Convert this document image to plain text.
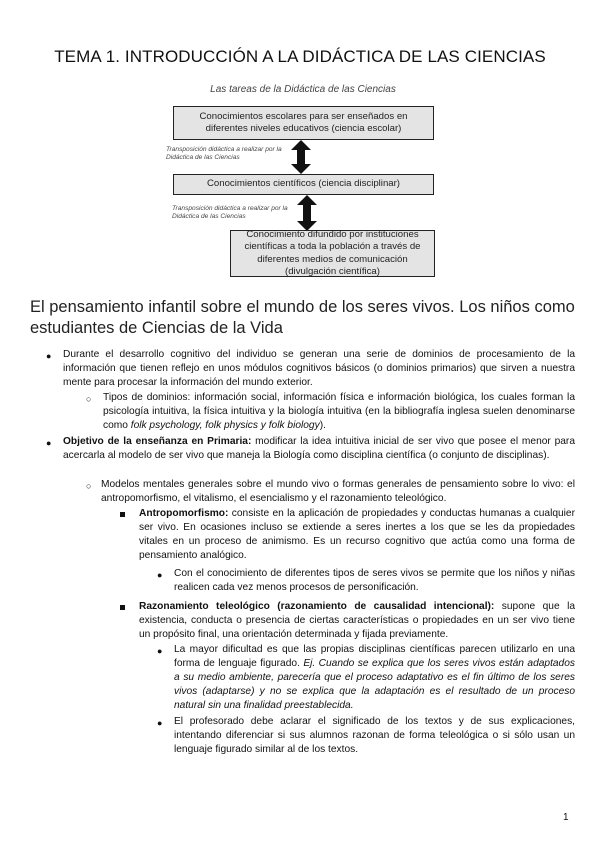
TEMA 1. INTRODUCCIÓN A LA DIDÁCTICA DE LAS CIENCIAS
Las tareas de la Didáctica de las Ciencias
Conocimientos escolares para ser enseñados en diferentes niveles educativos (ciencia escolar)
Transposición didáctica a realizar por la Didáctica de las Ciencias
Conocimientos científicos (ciencia disciplinar)
Transposición didáctica a realizar por la Didáctica de las Ciencias
Conocimiento difundido por instituciones científicas a toda la población a través de diferentes medios de comunicación (divulgación científica)
El pensamiento infantil sobre el mundo de los seres vivos. Los niños como estudiantes de Ciencias de la Vida
● Durante el desarrollo cognitivo del individuo se generan una serie de dominios de procesamiento de la información que tienen reflejo en unos módulos cognitivos básicos (o dominios primarios) que sirven a nuestra mente para procesar la información del mundo exterior.
○ Tipos de dominios: información social, información física e información biológica, los cuales forman la psicología intuitiva, la física intuitiva y la biología intuitiva (en la bibliografía inglesa suelen denominarse como folk psychology, folk physics y folk biology).
● Objetivo de la enseñanza en Primaria: modificar la idea intuitiva inicial de ser vivo que posee el menor para acercarla al modelo de ser vivo que maneja la Biología como disciplina científica (o conjunto de disciplinas).
○ Modelos mentales generales sobre el mundo vivo o formas generales de pensamiento sobre lo vivo: el antropomorfismo, el vitalismo, el esencialismo y el razonamiento teleológico.
Antropomorfismo: consiste en la aplicación de propiedades y conductas humanas a cualquier ser vivo. En ocasiones incluso se extiende a seres inertes a los que se les da propiedades vitales en un proceso de animismo. Es un recurso cognitivo que actúa como una forma de pensamiento analógico.
● Con el conocimiento de diferentes tipos de seres vivos se permite que los niños y niñas realicen cada vez menos procesos de personificación.
Razonamiento teleológico (razonamiento de causalidad intencional): supone que la existencia, conducta o presencia de ciertas características o propiedades en un ser vivo tiene un propósito final, una orientación determinada y fijada previamente.
● La mayor dificultad es que las propias disciplinas científicas parecen utilizarlo en una forma de lenguaje figurado. Ej. Cuando se explica que los seres vivos están adaptados a su medio ambiente, parecería que el proceso adaptativo es el fin último de los seres vivos (adaptarse) y no se explica que la adaptación es el resultado de un proceso natural sin una finalidad preestablecida.
● El profesorado debe aclarar el significado de los textos y de sus explicaciones, intentando diferenciar si sus alumnos razonan de forma teleológica o si sólo usan un lenguaje figurado similar al de los textos.
1
